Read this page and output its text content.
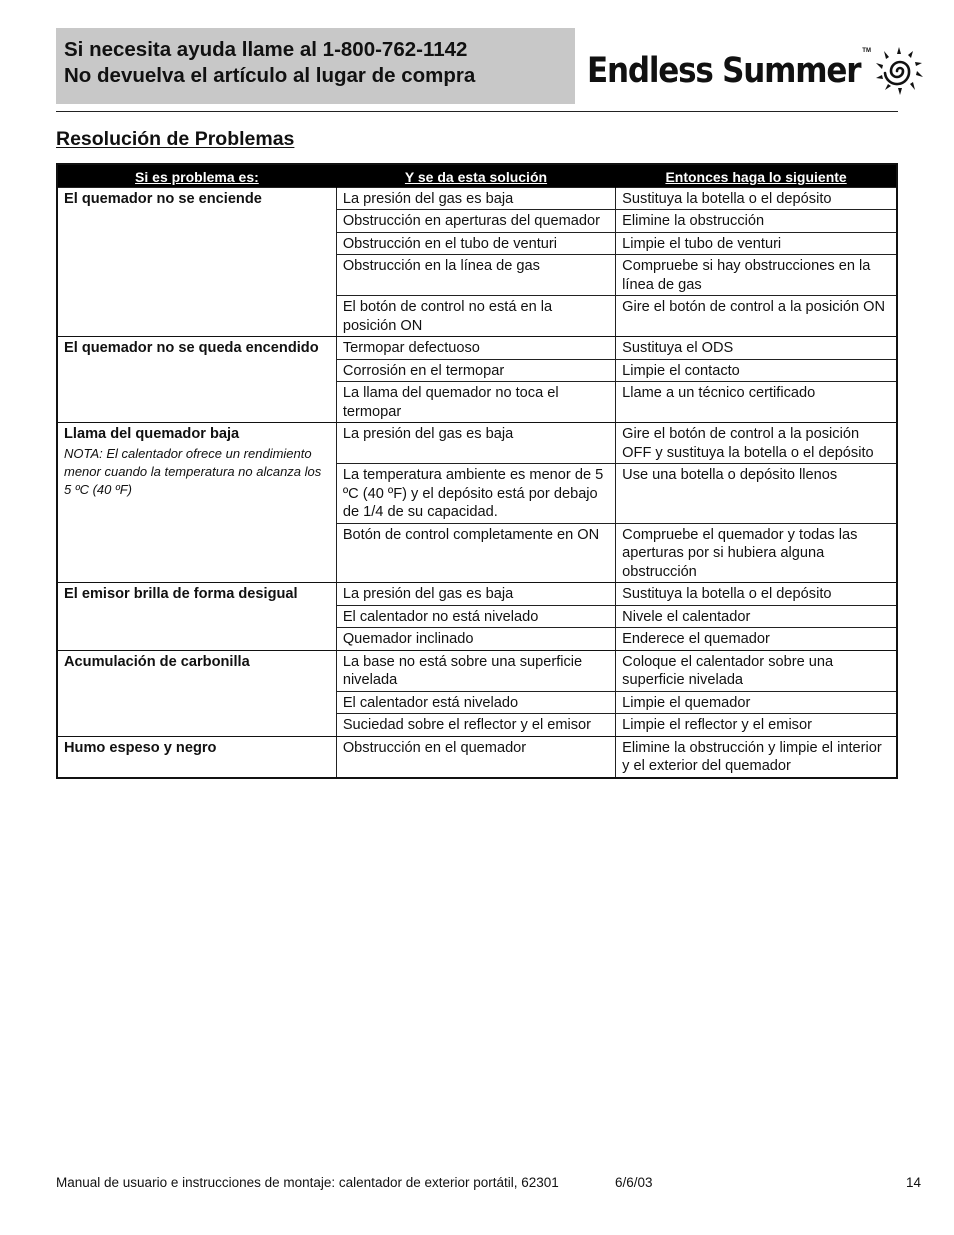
Si necesita ayuda llame al 1-800-762-1142
No devuelva el artículo al lugar de compra	Endless Summer TM
Resolución de Problemas
Si es problema es:	Y se da esta solución	Entonces haga lo siguiente

El quemador no se enciende	La presión del gas es baja	Sustituya la botella o el depósito
	Obstrucción en aperturas del quemador	Elimine la obstrucción
	Obstrucción en el tubo de venturi	Limpie el tubo de venturi
	Obstrucción en la línea de gas	Compruebe si hay obstrucciones en la línea de gas
	El botón de control no está en la posición ON	Gire el botón de control a la posición ON

El quemador no se queda encendido	Termopar defectuoso	Sustituya el ODS
	Corrosión en el termopar	Limpie el contacto
	La llama del quemador no toca el termopar	Llame a un técnico certificado

Llama del quemador baja
NOTA: El calentador ofrece un rendimiento menor cuando la temperatura no alcanza los 5 ºC (40 ºF)	La presión del gas es baja	Gire el botón de control a la posición OFF y sustituya la botella o el depósito
	La temperatura ambiente es menor de 5 ºC (40 ºF) y el depósito está por debajo de 1/4 de su capacidad.	Use una botella o depósito llenos
	Botón de control completamente en ON	Compruebe el quemador y todas las aperturas por si hubiera alguna obstrucción

El emisor brilla de forma desigual	La presión del gas es baja	Sustituya la botella o el depósito
	El calentador no está nivelado	Nivele el calentador
	Quemador inclinado	Enderece el quemador

Acumulación de carbonilla	La base no está sobre una superficie nivelada	Coloque el calentador sobre una superficie nivelada
	El calentador está nivelado	Limpie el quemador
	Suciedad sobre el reflector y el emisor	Limpie el reflector y el emisor

Humo espeso y negro	Obstrucción en el quemador	Elimine la obstrucción y limpie el interior y el exterior del quemador
Manual de usuario e instrucciones de montaje: calentador de exterior portátil, 62301	6/6/03	14
